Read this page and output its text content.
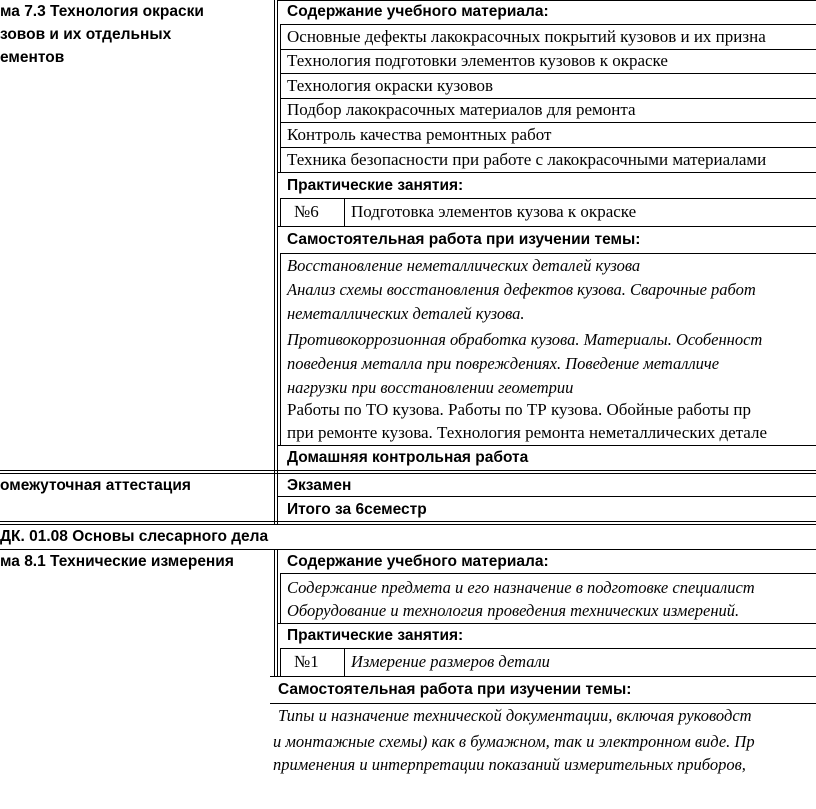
ма 7.3 Технология окраски
зовов и их отдельных
ементов
Содержание учебного материала:
Основные дефекты лакокрасочных покрытий кузовов и их призна
Технология подготовки элементов кузовов к окраске
Технология окраски кузовов
Подбор лакокрасочных материалов для ремонта
Контроль качества ремонтных работ
Техника безопасности при работе с лакокрасочными материалами
Практические занятия:
№6 Подготовка элементов кузова к окраске
Самостоятельная работа при изучении темы:
Восстановление неметаллических деталей кузова
Анализ схемы восстановления дефектов кузова. Сварочные работ
неметаллических деталей кузова.
Противокоррозионная обработка кузова. Материалы. Особенност
поведения металла при повреждениях. Поведение металличе
нагрузки при восстановлении геометрии
Работы по ТО кузова. Работы по ТР кузова. Обойные работы пр
при ремонте кузова. Технология ремонта неметаллических детале
Домашняя контрольная работа
омежуточная аттестация	Экзамен
Итого за 6семестр
ДК. 01.08 Основы слесарного дела
ма 8.1 Технические измерения	Содержание учебного материала:
Содержание предмета и его назначение в подготовке специалист
Оборудование и технология проведения технических измерений.
Практические занятия:
№1 Измерение размеров детали
Самостоятельная работа при изучении темы:
Типы и назначение технической документации, включая руководст
и монтажные схемы) как в бумажном, так и электронном виде. Пр
применения и интерпретации показаний измерительных приборов,
